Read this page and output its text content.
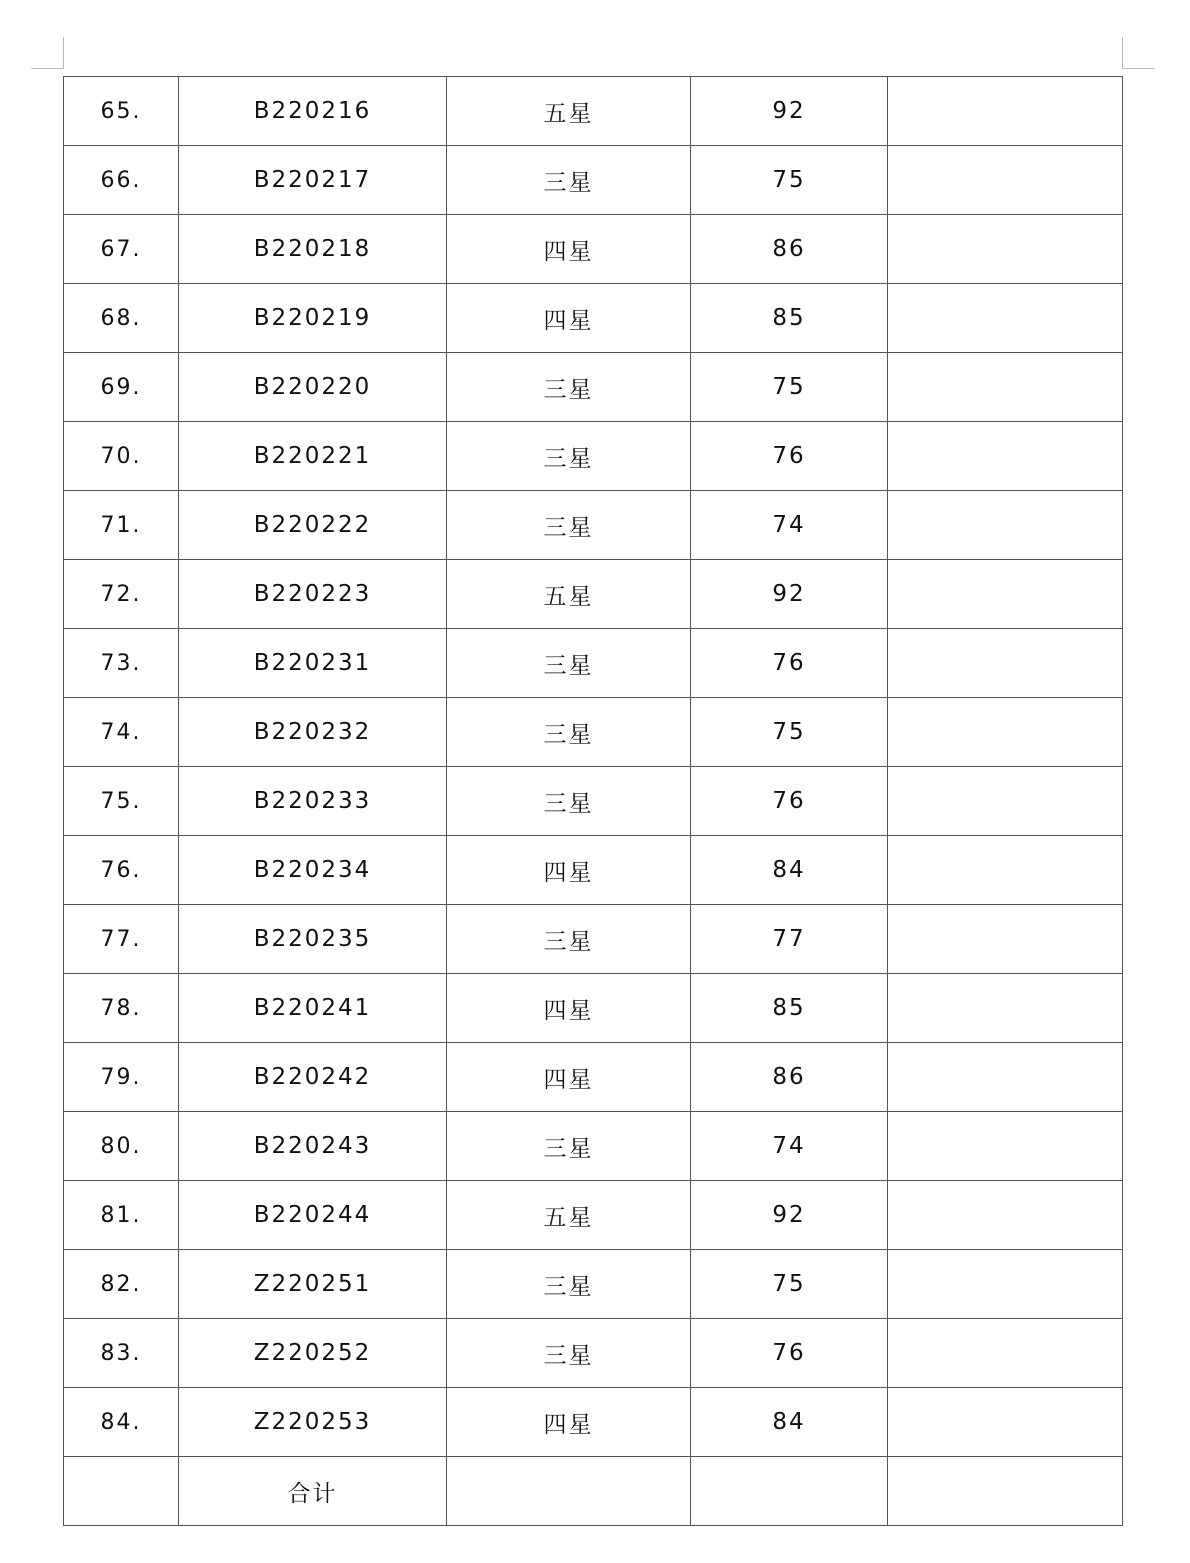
65.	B220216	五星	92	
66.	B220217	三星	75	
67.	B220218	四星	86	
68.	B220219	四星	85	
69.	B220220	三星	75	
70.	B220221	三星	76	
71.	B220222	三星	74	
72.	B220223	五星	92	
73.	B220231	三星	76	
74.	B220232	三星	75	
75.	B220233	三星	76	
76.	B220234	四星	84	
77.	B220235	三星	77	
78.	B220241	四星	85	
79.	B220242	四星	86	
80.	B220243	三星	74	
81.	B220244	五星	92	
82.	Z220251	三星	75	
83.	Z220252	三星	76	
84.	Z220253	四星	84	
	合计			
